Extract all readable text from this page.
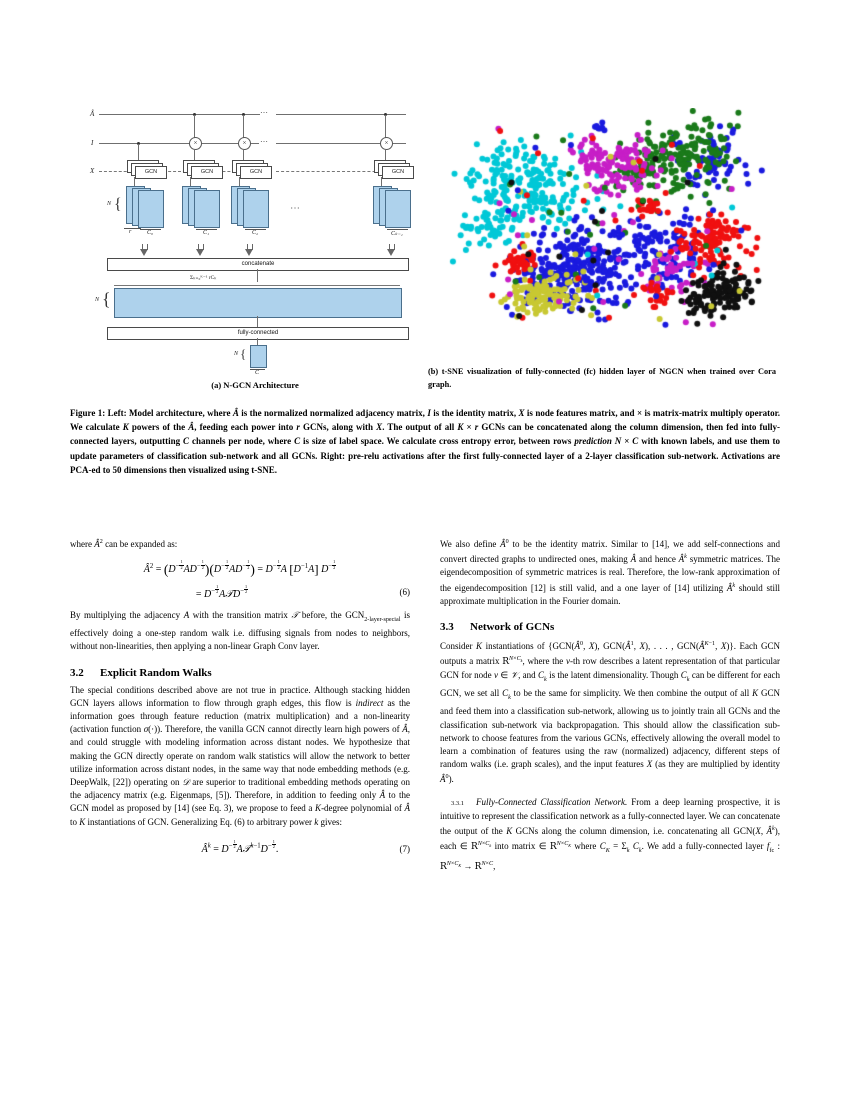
Â
I
X
⋯
⋯
⋯
GCN
{
N
r	C₀
×
GCN
C₁
×
GCN
C₂
×
GCN
Cₖ₋₁
concatenate
Σₖ₌₀ᴷ⁻¹ rCₖ
{
N
fully-connected
{
N
C
(a) N-GCN Architecture
(b) t-SNE visualization of fully-connected (fc) hidden layer of NGCN when trained over Cora graph.
Figure 1: Left: Model architecture, where Â is the normalized normalized adjacency matrix, I is the identity matrix, X is node features matrix, and × is matrix-matrix multiply operator. We calculate K powers of the Â, feeding each power into r GCNs, along with X. The output of all K × r GCNs can be concatenated along the column dimension, then fed into fully-connected layers, outputting C channels per node, where C is size of label space. We calculate cross entropy error, between rows prediction N × C with known labels, and use them to update parameters of classification sub-network and all GCNs. Right: pre-relu activations after the first fully-connected layer of a 2-layer classification sub-network. Activations are PCA-ed to 50 dimensions then visualized using t-SNE.

where $Â^2$ can be expanded as:

$Â^2 = (D^{- \frac{1}{2}}$ $AD^{- \frac{1}{2}}$ )($D^{- \frac{1}{2}}$ $AD^{- \frac{1}{2}}$ ) = $D^{- \frac{1}{2}}$ A $[D^{-1}A]$ $D^{- \frac{1}{2}}$
= $D^{- \frac{1}{2}}$ A𝒯D$^{- \frac{1}{2}}$	(6)

By multiplying the adjacency A with the transition matrix 𝒯 before, the $GCN_{2-layer-special}$ is effectively doing a one-step random walk i.e. diffusing signals from nodes to neighbors, without non-linearities, then applying a non-linear Graph Conv layer.

3.2 Explicit Random Walks

The special conditions described above are not true in practice. Although stacking hidden GCN layers allows information to flow through graph edges, this flow is indirect as the information goes through feature reduction (matrix multiplication) and a non-linearity (activation function σ(·)). Therefore, the vanilla GCN cannot directly learn high powers of Â, and could struggle with modeling information across distant nodes. We hypothesize that making the GCN directly operate on random walk statistics will allow the network to better utilize information across distant nodes, in the same way that node embedding methods (e.g. DeepWalk, [22]) operating on 𝒟 are superior to traditional embedding methods operating on the adjacency matrix (e.g. Eigenmaps, [5]). Therefore, in addition to feeding only Â to the GCN model as proposed by [14] (see Eq. 3), we propose to feed a K-degree polynomial of Â to K instantiations of GCN. Generalizing Eq. (6) to arbitrary power k gives:

$Â^k = D^{- \frac{1}{2}}$ $A𝒯^{k-1}D^{- \frac{1}{2}}$ .	(7)

We also define $Â^0$ to be the identity matrix. Similar to [14], we add self-connections and convert directed graphs to undirected ones, making Â and hence $Â^k$ symmetric matrices. The eigendecomposition of symmetric matrices is real. Therefore, the low-rank approximation of the eigendecomposition [12] is still valid, and a one layer of [14] utilizing $Â^k$ should still approximate multiplication in the Fourier domain.

3.3 Network of GCNs

Consider K instantiations of {$GCN(Â^0$, X), $GCN(Â^1$, X), . . . , $GCN(Â^{K-1}$, X)}. Each GCN outputs a matrix $R^{N\times C_k}$, where the v-th row describes a latent representation of that particular GCN for node v ∈ 𝒱, and $C_k$ is the latent dimensionality. Though $C_k$ can be different for each GCN, we set all $C_k$ to be the same for simplicity. We then combine the output of all K GCN and feed them into a classification sub-network, allowing us to jointly train all GCNs and the classification sub-network via backpropagation. This should allow the classification sub-network to choose features from the various GCNs, effectively allowing the overall model to learn a combination of features using the raw (normalized) adjacency, different steps of random walks (i.e. graph scales), and the input features X (as they are multiplied by identity $Â^0$).

3.3.1 Fully-Connected Classification Network. From a deep learning prospective, it is intuitive to represent the classification network as a fully-connected layer. We can concatenate the output of the K GCNs along the column dimension, i.e. concatenating all GCN(X, $Â^k$), each ∈ $R^{N\times C_k}$ into matrix ∈ $R^{N\times C_K}$ where $C_K = \Sigma_k$ $C_k$. We add a fully-connected layer $f_{fc}$ : $R^{N\times C_K} \to R^{N\times C}$,
